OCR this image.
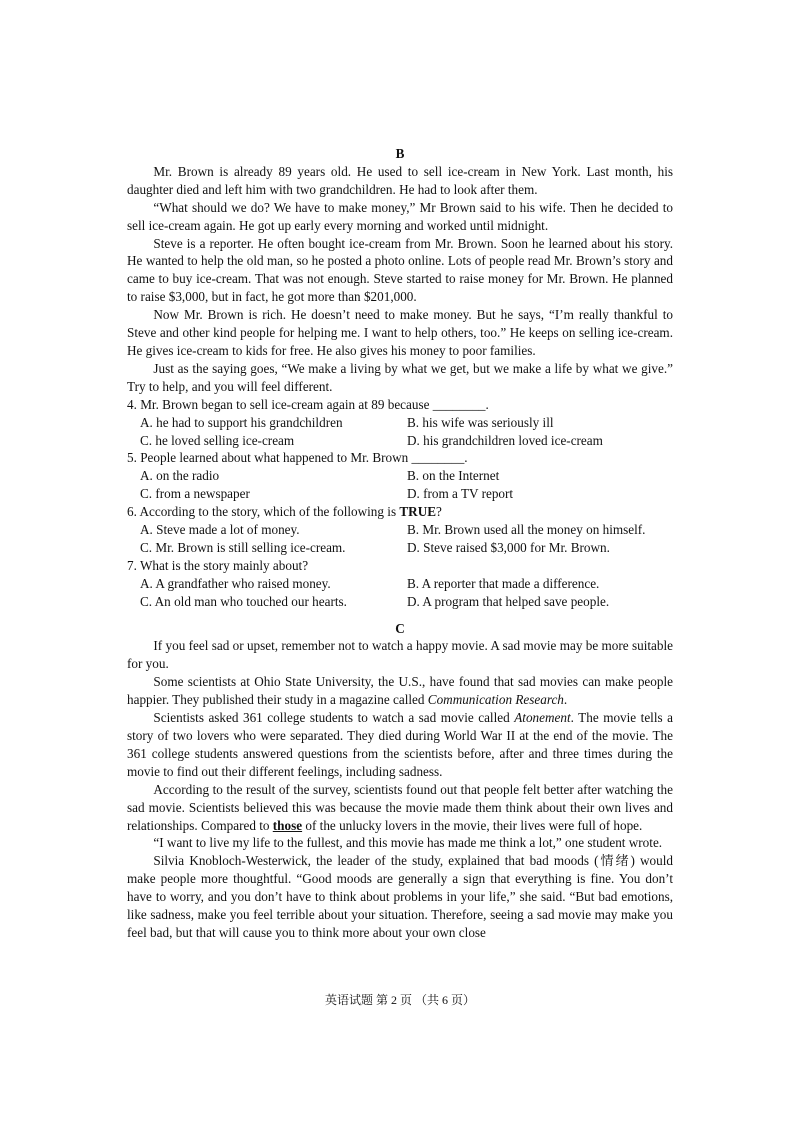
B

Mr. Brown is already 89 years old. He used to sell ice-cream in New York. Last month, his daughter died and left him with two grandchildren. He had to look after them.

“What should we do? We have to make money,” Mr Brown said to his wife. Then he decided to sell ice-cream again. He got up early every morning and worked until midnight.

Steve is a reporter. He often bought ice-cream from Mr. Brown. Soon he learned about his story. He wanted to help the old man, so he posted a photo online. Lots of people read Mr. Brown’s story and came to buy ice-cream. That was not enough. Steve started to raise money for Mr. Brown. He planned to raise $3,000, but in fact, he got more than $201,000.

Now Mr. Brown is rich. He doesn’t need to make money. But he says, “I’m really thankful to Steve and other kind people for helping me. I want to help others, too.” He keeps on selling ice-cream. He gives ice-cream to kids for free. He also gives his money to poor families.

Just as the saying goes, “We make a living by what we get, but we make a life by what we give.” Try to help, and you will feel different.

4. Mr. Brown began to sell ice-cream again at 89 because ________.

A. he had to support his grandchildren	B. his wife was seriously ill
C. he loved selling ice-cream	D. his grandchildren loved ice-cream

5. People learned about what happened to Mr. Brown ________.

A. on the radio	B. on the Internet
C. from a newspaper	D. from a TV report

6. According to the story, which of the following is TRUE?

A. Steve made a lot of money.	B. Mr. Brown used all the money on himself.
C. Mr. Brown is still selling ice-cream.	D. Steve raised $3,000 for Mr. Brown.

7. What is the story mainly about?

A. A grandfather who raised money.	B. A reporter that made a difference.
C. An old man who touched our hearts.	D. A program that helped save people.

C

If you feel sad or upset, remember not to watch a happy movie. A sad movie may be more suitable for you.

Some scientists at Ohio State University, the U.S., have found that sad movies can make people happier. They published their study in a magazine called Communication Research.

Scientists asked 361 college students to watch a sad movie called Atonement. The movie tells a story of two lovers who were separated. They died during World War II at the end of the movie. The 361 college students answered questions from the scientists before, after and three times during the movie to find out their different feelings, including sadness.

According to the result of the survey, scientists found out that people felt better after watching the sad movie. Scientists believed this was because the movie made them think about their own lives and relationships. Compared to those of the unlucky lovers in the movie, their lives were full of hope.

“I want to live my life to the fullest, and this movie has made me think a lot,” one student wrote.

Silvia Knobloch-Westerwick, the leader of the study, explained that bad moods (情绪) would make people more thoughtful. “Good moods are generally a sign that everything is fine. You don’t have to worry, and you don’t have to think about problems in your life,” she said. “But bad emotions, like sadness, make you feel terrible about your situation. Therefore, seeing a sad movie may make you feel bad, but that will cause you to think more about your own close

英语试题 第 2 页 （共 6 页）
